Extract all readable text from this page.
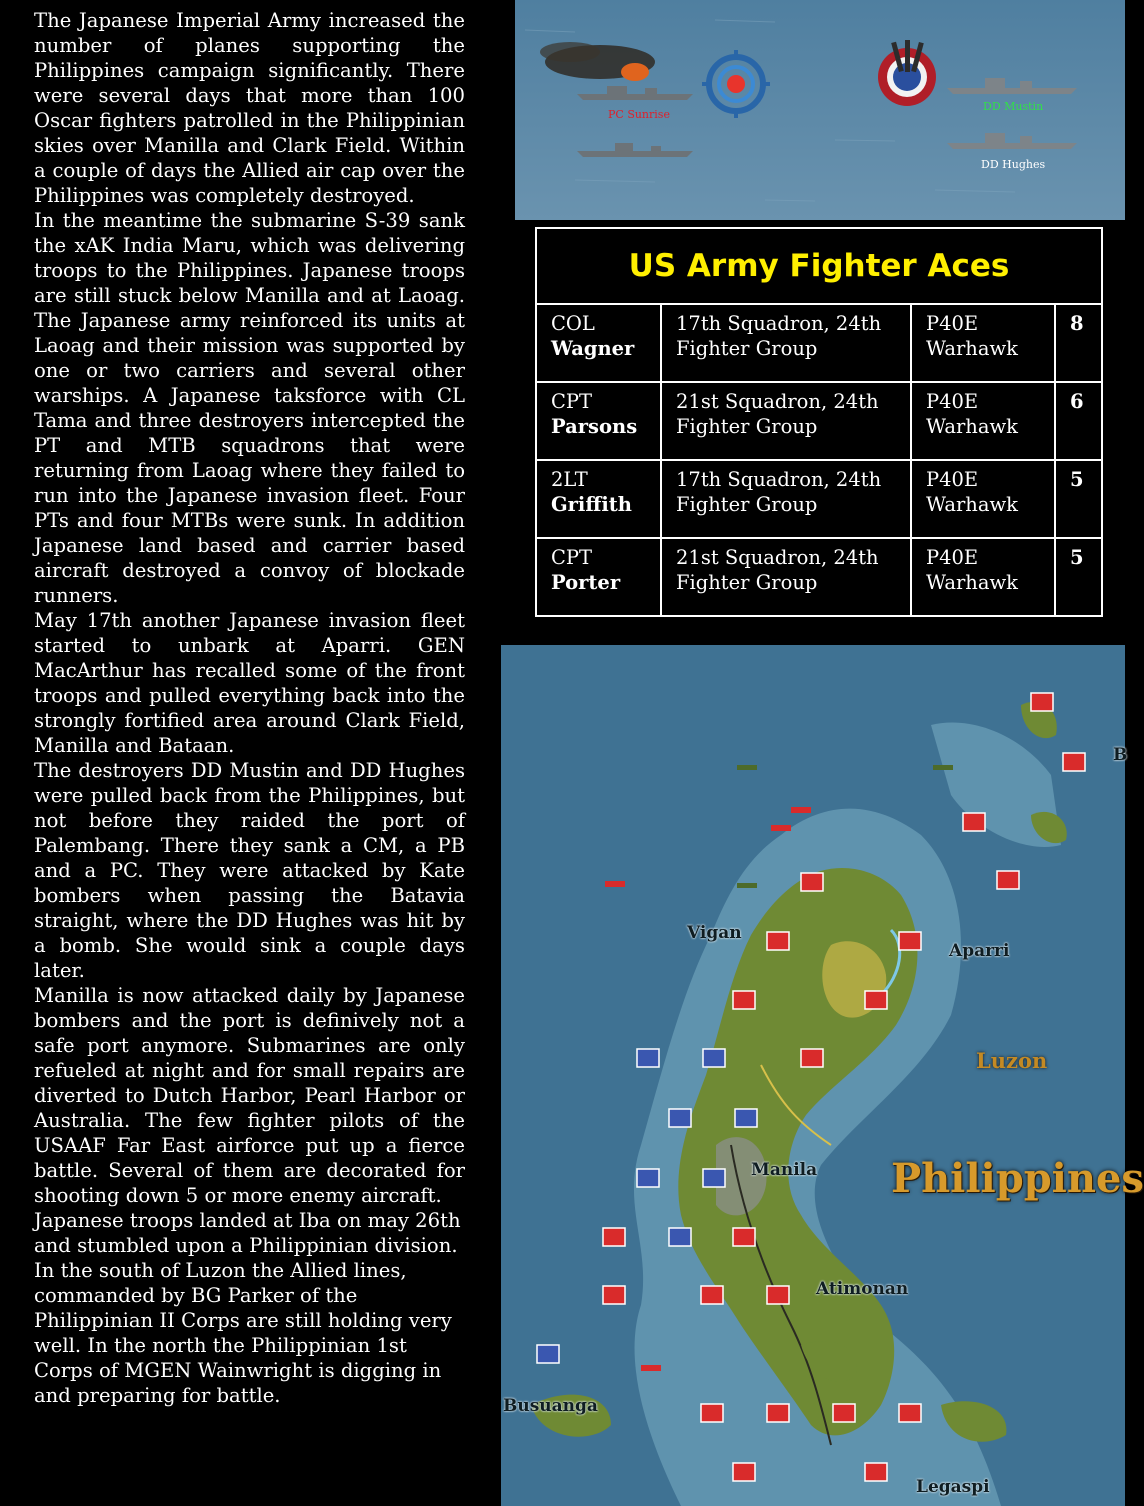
The Japanese Imperial Army increased the number of planes supporting the Philippines campaign significantly. There were several days that more than 100 Oscar fighters patrolled in the Philippinian skies over Manilla and Clark Field. Within a couple of days the Allied air cap over the Philippines was completely destroyed.

In the meantime the submarine S-39 sank the xAK India Maru, which was delivering troops to the Philippines. Japanese troops are still stuck below Manilla and at Laoag. The Japanese army reinforced its units at Laoag and their mission was supported by one or two carriers and several other warships. A Japanese taksforce with CL Tama and three destroyers intercepted the PT and MTB squadrons that were returning from Laoag where they failed to run into the Japanese invasion fleet. Four PTs and four MTBs were sunk. In addition Japanese land based and carrier based aircraft destroyed a convoy of blockade runners.

May 17th another Japanese invasion fleet started to unbark at Aparri. GEN MacArthur has recalled some of the front troops and pulled everything back into the strongly fortified area around Clark Field, Manilla and Bataan.

The destroyers DD Mustin and DD Hughes were pulled back from the Philippines, but not before they raided the port of Palembang. There they sank a CM, a PB and a PC. They were attacked by Kate bombers when passing the Batavia straight, where the DD Hughes was hit by a bomb. She would sink a couple days later.

Manilla is now attacked daily by Japanese bombers and the port is definively not a safe port anymore. Submarines are only refueled at night and for small repairs are diverted to Dutch Harbor, Pearl Harbor or Australia. The few fighter pilots of the USAAF Far East airforce put up a fierce battle. Several of them are decorated for shooting down 5 or more enemy aircraft.

Japanese troops landed at Iba on may 26th and stumbled upon a Philippinian division. In the south of Luzon the Allied lines, commanded by BG Parker of the Philippinian II Corps are still holding very well. In the north the Philippinian 1st Corps of MGEN Wainwright is digging in and preparing for battle.

PC Sunrise
DD Mustin
DD Hughes
US Army Fighter Aces			
COL
Wagner	17th Squadron, 24th Fighter Group	P40E Warhawk	8
CPT
Parsons	21st Squadron, 24th Fighter Group	P40E Warhawk	6
2LT
Griffith	17th Squadron, 24th Fighter Group	P40E Warhawk	5
CPT
Porter	21st Squadron, 24th Fighter Group	P40E Warhawk	5
Vigan
Aparri
Luzon
Manila Philippines
Atimonan
Busuanga
Legaspi
B
